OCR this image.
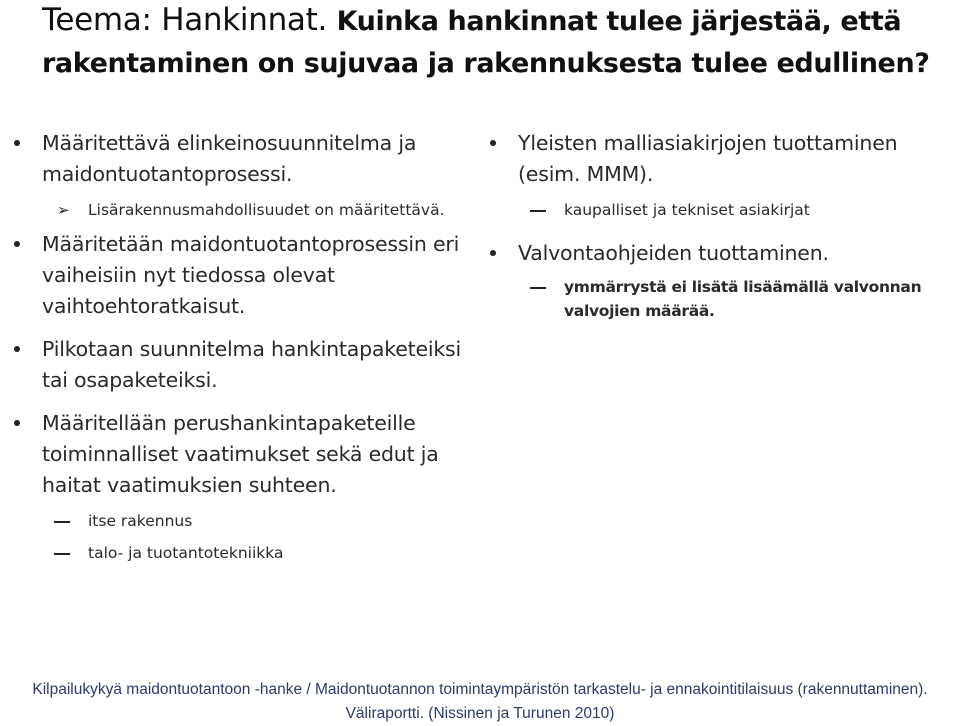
Teema: Hankinnat. Kuinka hankinnat tulee järjestää, että rakentaminen on sujuvaa ja rakennuksesta tulee edullinen?
Määritettävä elinkeinosuunnitelma ja maidontuotantoprosessi.
➢ Lisärakennusmahdollisuudet on määritettävä.
Määritetään maidontuotantoprosessin eri vaiheisiin nyt tiedossa olevat vaihtoehtoratkaisut.
Pilkotaan suunnitelma hankintapaketeiksi tai osapaketeiksi.
Määritellään perushankintapaketeille toiminnalliset vaatimukset sekä edut ja haitat vaatimuksien suhteen.
itse rakennus
talo- ja tuotantotekniikka
Yleisten malliasiakirjojen tuottaminen (esim. MMM).
kaupalliset ja tekniset asiakirjat
Valvontaohjeiden tuottaminen.
ymmärrystä ei lisätä lisäämällä valvonnan valvojien määrää.
Kilpailukykyä maidontuotantoon -hanke / Maidontuotannon toimintaympäristön tarkastelu- ja ennakointitilaisuus (rakennuttaminen).
Väliraportti. (Nissinen ja Turunen 2010)
